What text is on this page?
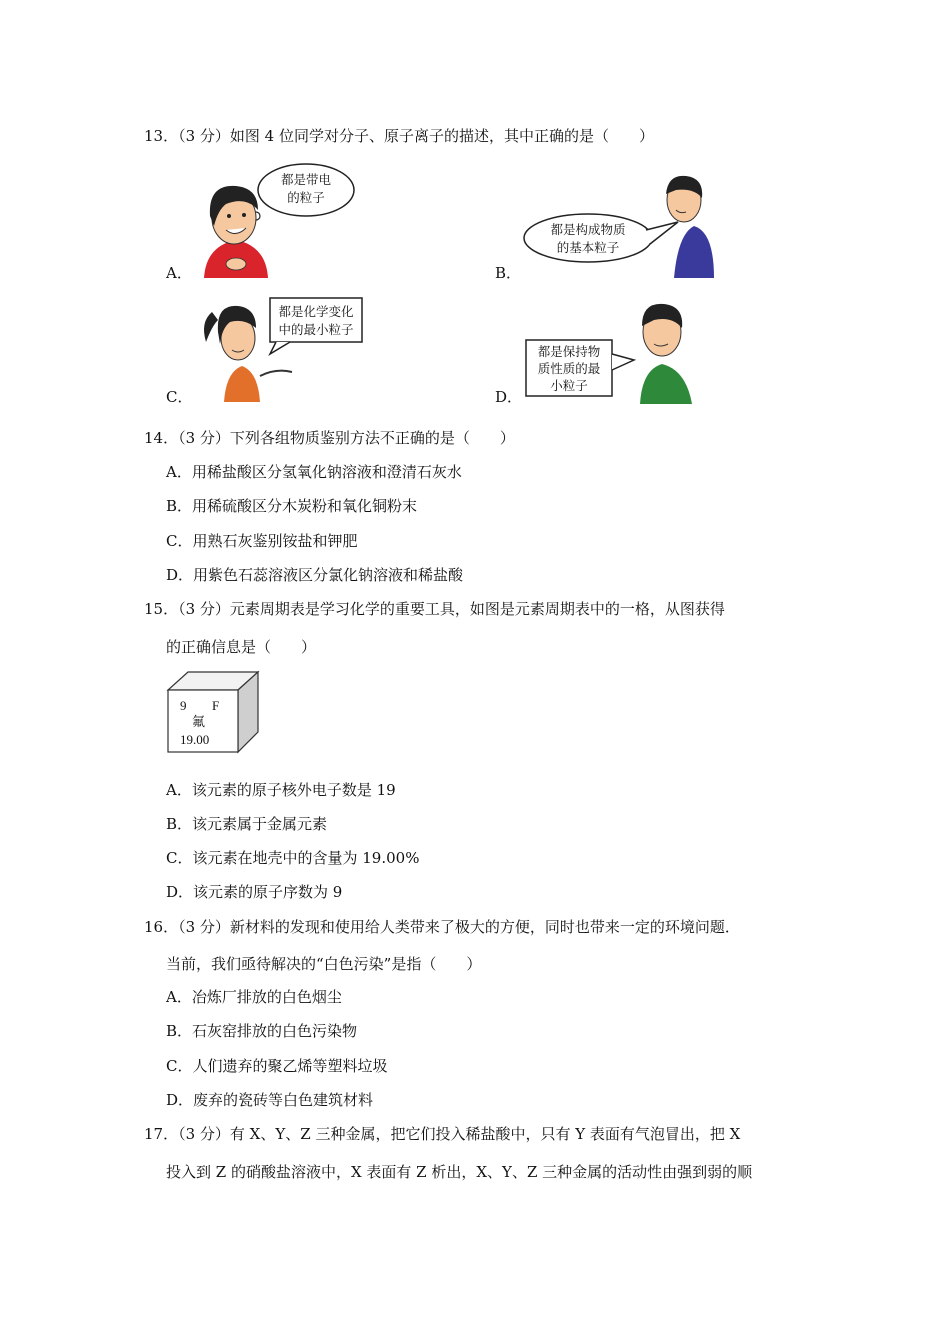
13．（3 分）如图 4 位同学对分子、原子离子的描述，其中正确的是（　　）
都是带电
的粒子
A．
都是构成物质
的基本粒子
B．
都是化学变化
中的最小粒子
C．
都是保持物
质性质的最
小粒子
D．
14．（3 分）下列各组物质鉴别方法不正确的是（　　）
A．用稀盐酸区分氢氧化钠溶液和澄清石灰水
B．用稀硫酸区分木炭粉和氧化铜粉末
C．用熟石灰鉴别铵盐和钾肥
D．用紫色石蕊溶液区分氯化钠溶液和稀盐酸
15．（3 分）元素周期表是学习化学的重要工具，如图是元素周期表中的一格，从图获得
的正确信息是（　　）
9 F
氟
19.00
A．该元素的原子核外电子数是 19
B．该元素属于金属元素
C．该元素在地壳中的含量为 19.00%
D．该元素的原子序数为 9
16．（3 分）新材料的发现和使用给人类带来了极大的方便，同时也带来一定的环境问题．
当前，我们亟待解决的“白色污染”是指（　　）
A．冶炼厂排放的白色烟尘
B．石灰窑排放的白色污染物
C．人们遗弃的聚乙烯等塑料垃圾
D．废弃的瓷砖等白色建筑材料
17．（3 分）有 X、Y、Z 三种金属，把它们投入稀盐酸中，只有 Y 表面有气泡冒出，把 X
投入到 Z 的硝酸盐溶液中，X 表面有 Z 析出，X、Y、Z 三种金属的活动性由强到弱的顺
